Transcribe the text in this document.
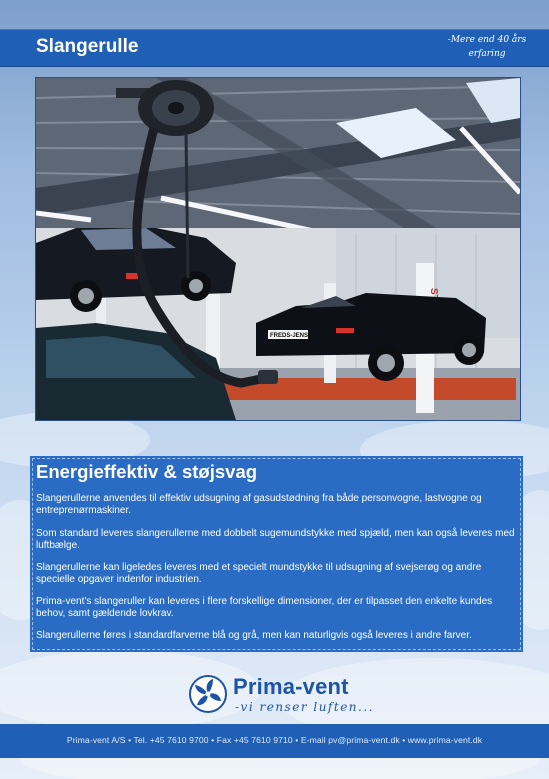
Slangerulle	-Mere end 40 års
erfaring
FREDS-JENSEN
Energieffektiv & støjsvag

Slangerullerne anvendes til effektiv udsugning af gasudstødning fra både personvogne, lastvogne og entreprenørmaskiner.

Som standard leveres slangerullerne med dobbelt sugemundstykke med spjæld, men kan også leveres med luftbælge.

Slangerullerne kan ligeledes leveres med et specielt mundstykke til udsugning af svejserøg og andre specielle opgaver indenfor industrien.

Prima-vent’s slangeruller kan leveres i flere forskellige dimensioner, der er tilpasset den enkelte kundes behov, samt gældende lovkrav.

Slangerullerne føres i standardfarverne blå og grå, men kan naturligvis også leveres i andre farver.

Prima-vent
-vi renser luften...
Prima-vent A/S • Tel. +45 7610 9700 • Fax +45 7610 9710 • E-mail pv@prima-vent.dk • www.prima-vent.dk
